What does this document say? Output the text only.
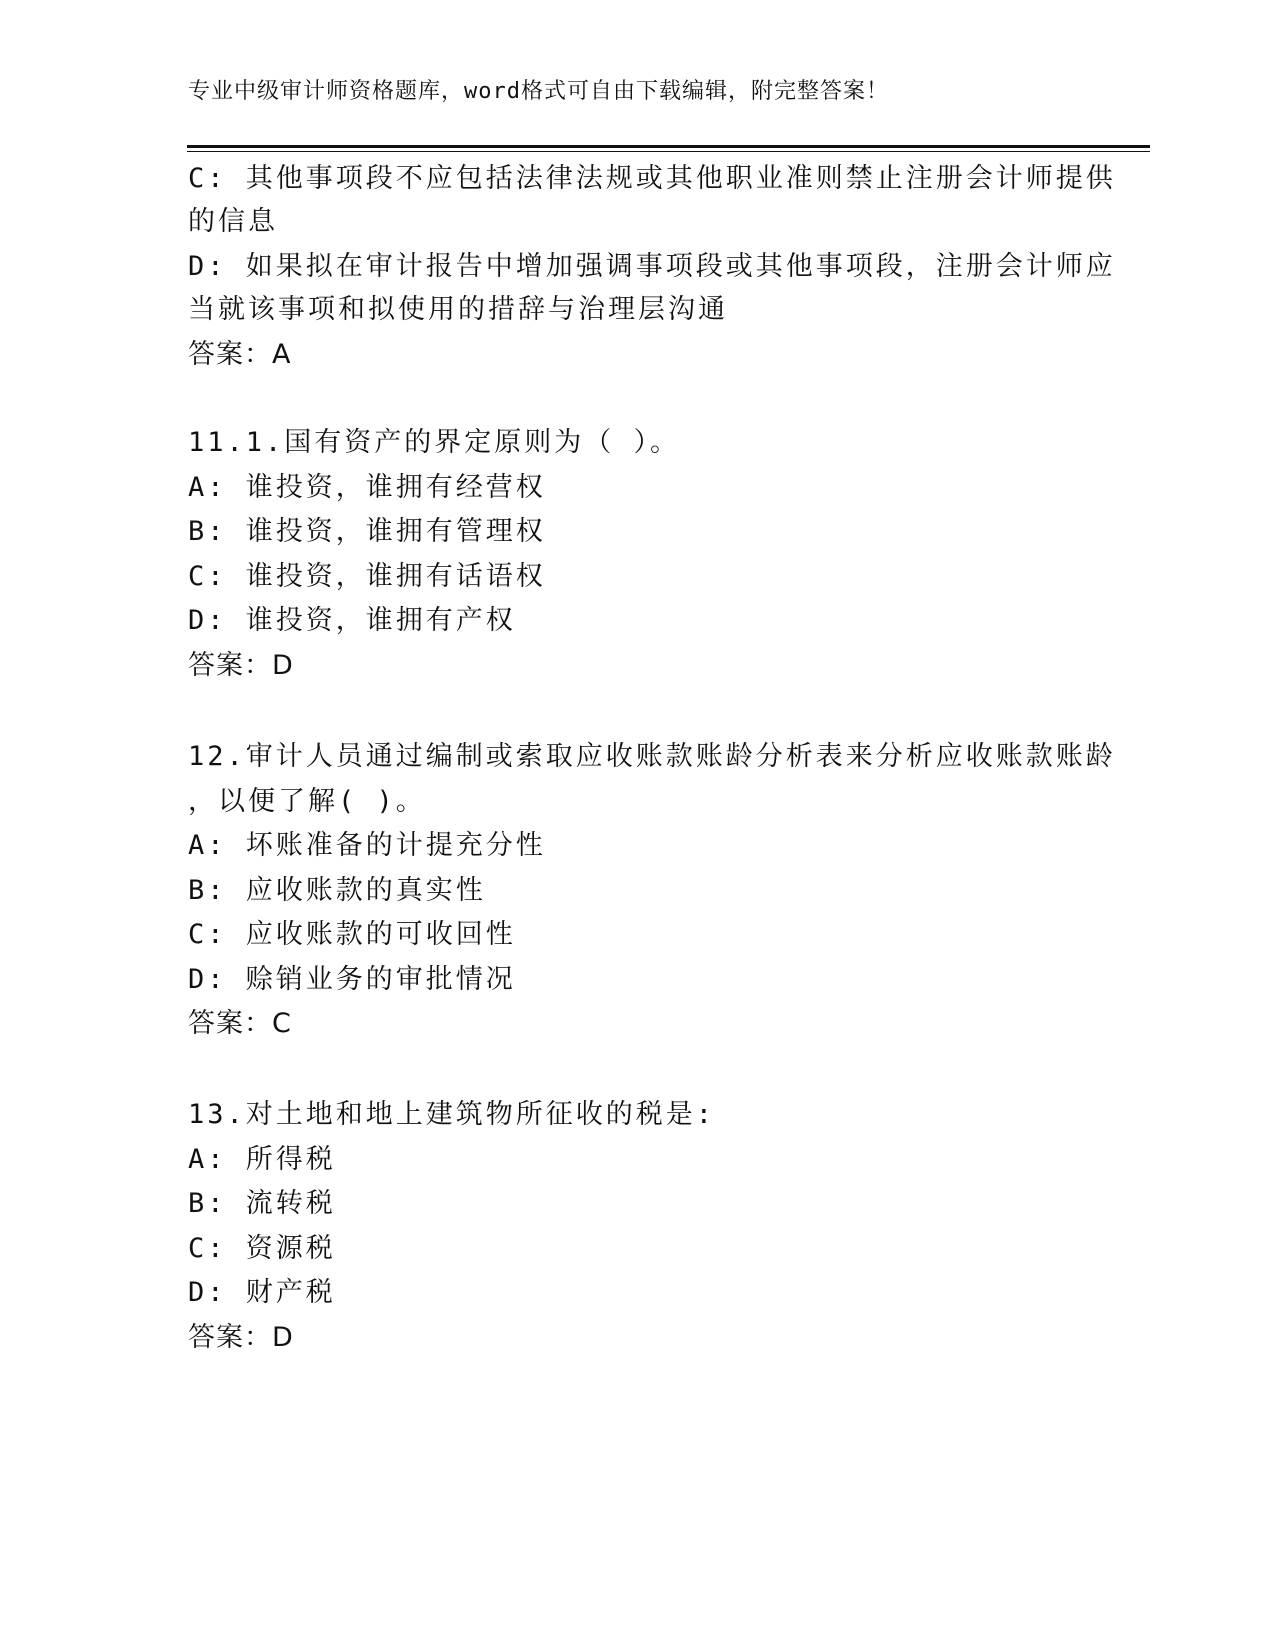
专业中级审计师资格题库，word格式可自由下载编辑，附完整答案！
C: 其他事项段不应包括法律法规或其他职业准则禁止注册会计师提供
的信息
D: 如果拟在审计报告中增加强调事项段或其他事项段，注册会计师应
当就该事项和拟使用的措辞与治理层沟通
答案：A
11.1.国有资产的界定原则为（ ）。
A: 谁投资，谁拥有经营权
B: 谁投资，谁拥有管理权
C: 谁投资，谁拥有话语权
D: 谁投资，谁拥有产权
答案：D
12.审计人员通过编制或索取应收账款账龄分析表来分析应收账款账龄
，以便了解( )。
A: 坏账准备的计提充分性
B: 应收账款的真实性
C: 应收账款的可收回性
D: 赊销业务的审批情况
答案：C
13.对土地和地上建筑物所征收的税是:
A: 所得税
B: 流转税
C: 资源税
D: 财产税
答案：D
